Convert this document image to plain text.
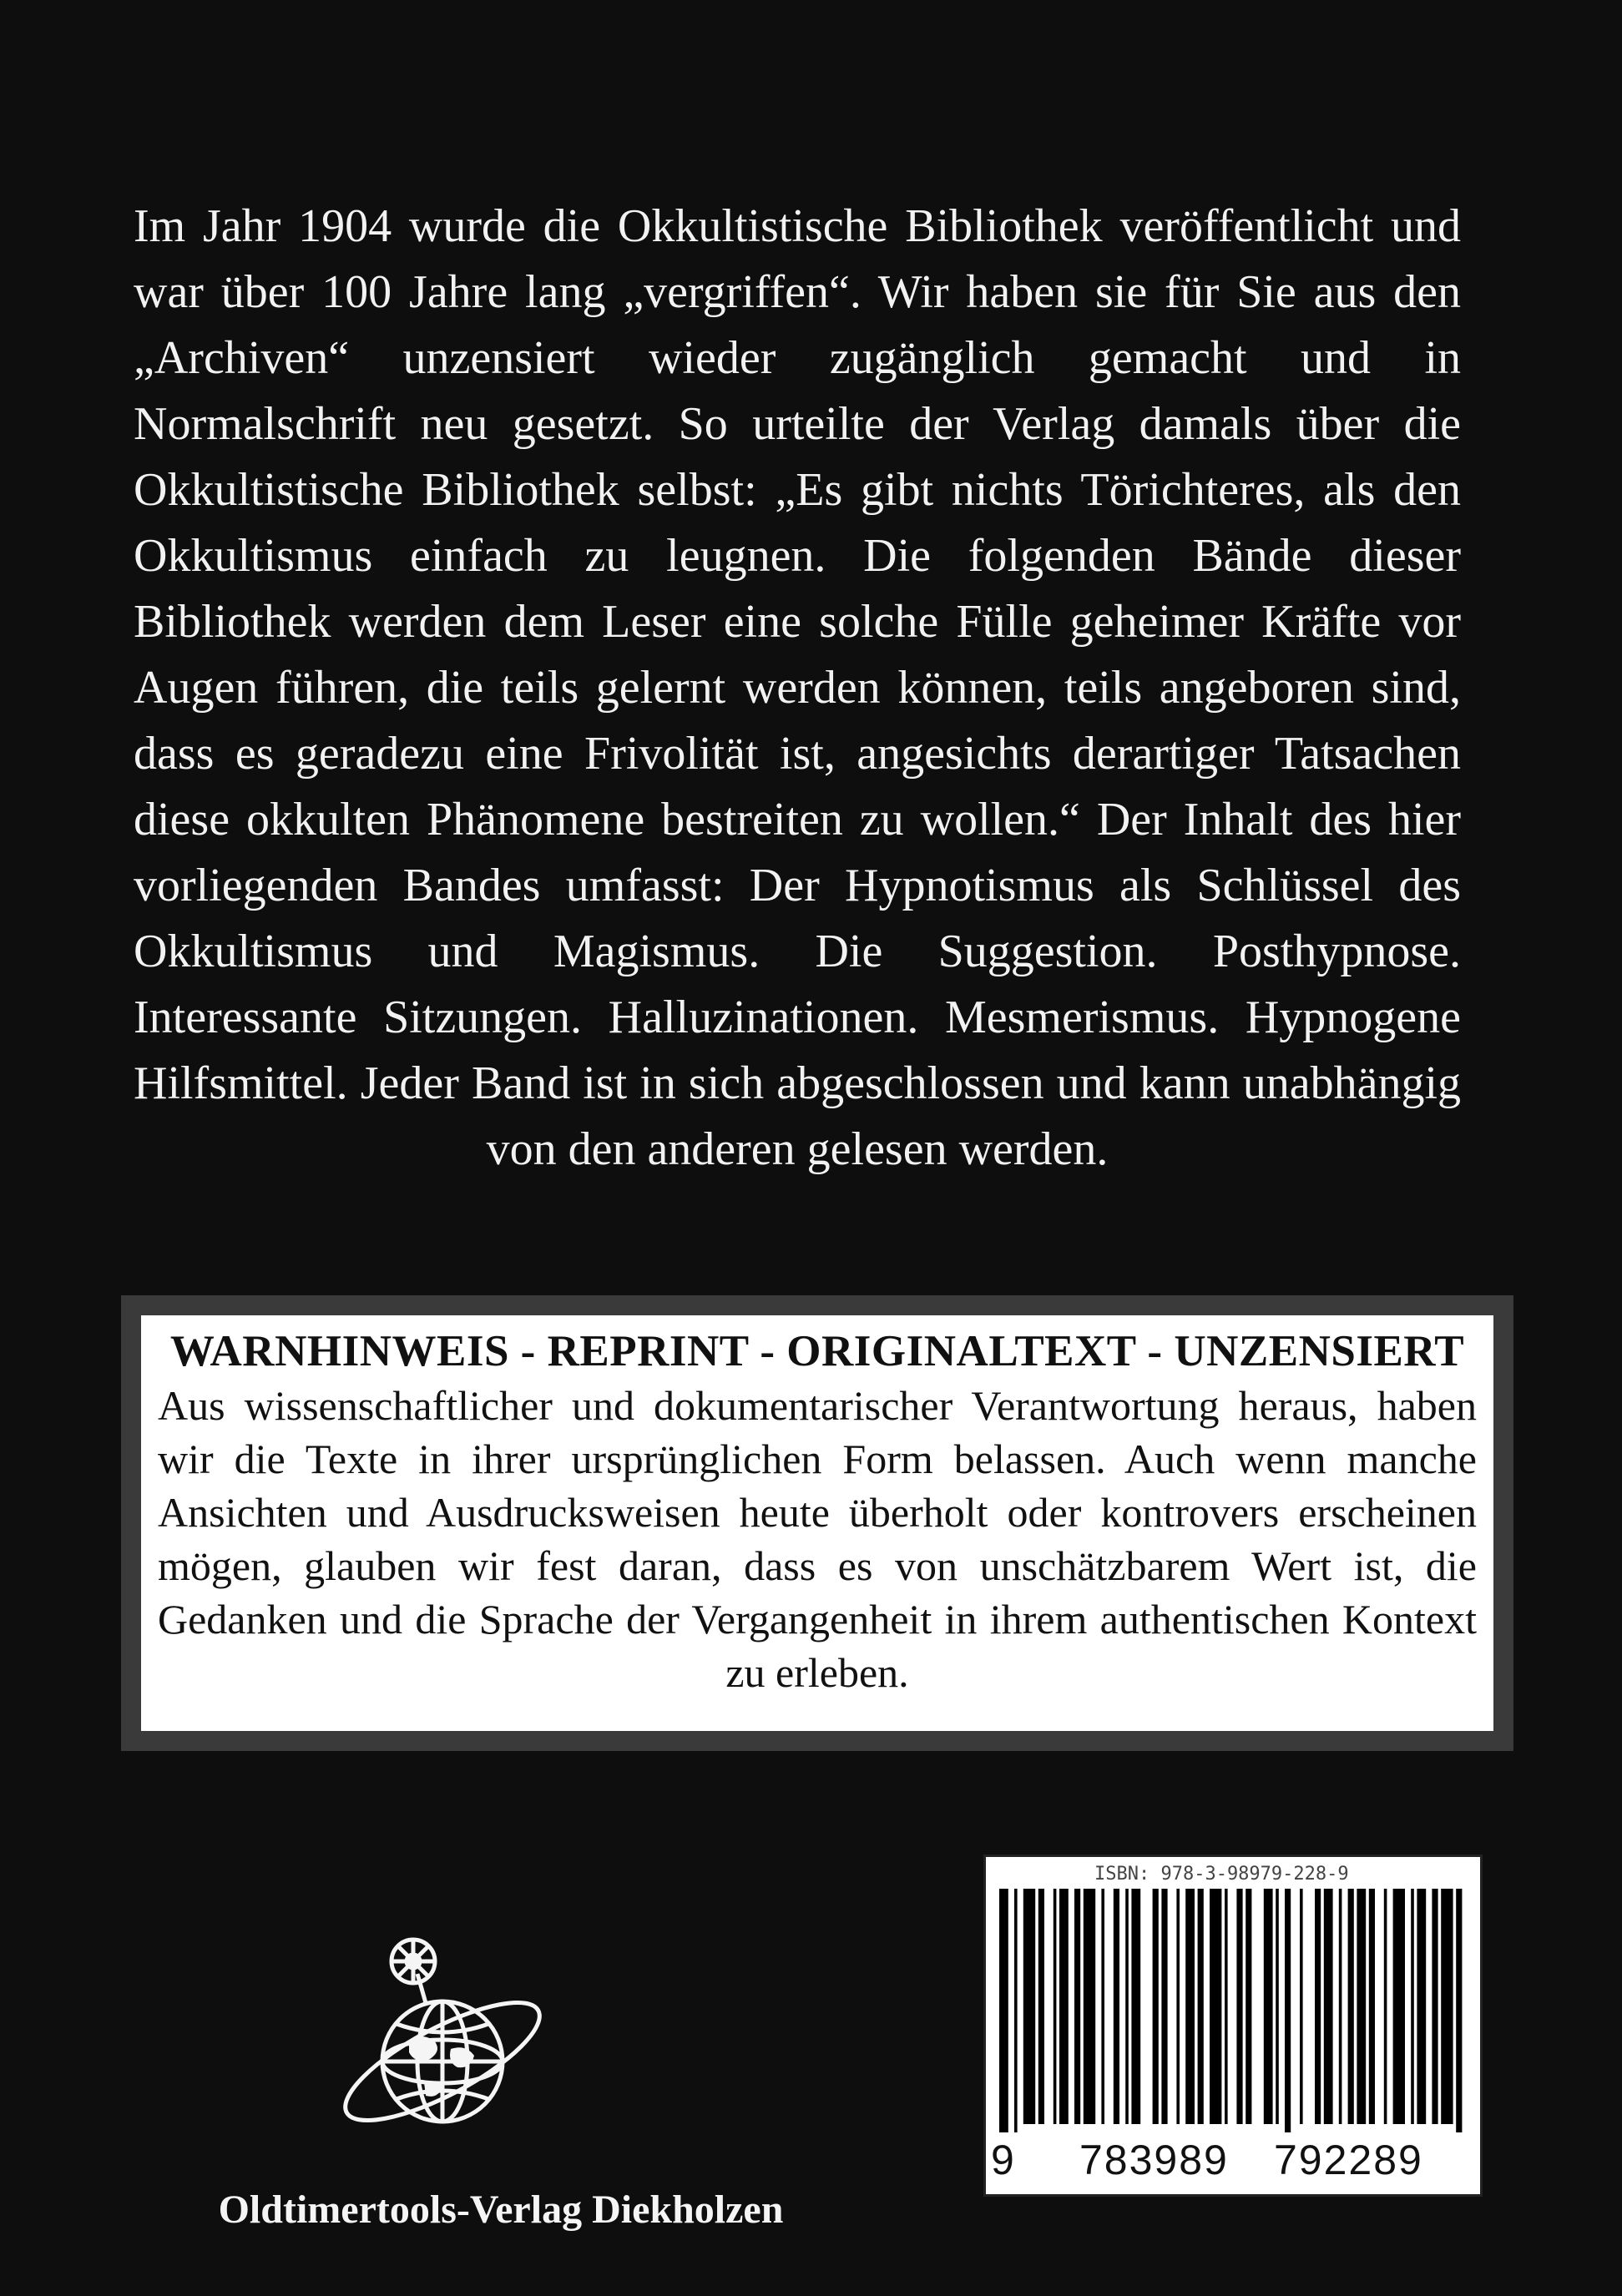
Im Jahr 1904 wurde die Okkultistische Bibliothek veröffentlicht und war über 100 Jahre lang „vergriffen“. Wir haben sie für Sie aus den „Archiven“ unzensiert wieder zugänglich gemacht und in Normalschrift neu gesetzt. So urteilte der Verlag damals über die Okkultistische Bibliothek selbst: „Es gibt nichts Törichteres, als den Okkultismus einfach zu leugnen. Die folgenden Bände dieser Bibliothek werden dem Leser eine solche Fülle geheimer Kräfte vor Augen führen, die teils gelernt werden können, teils angeboren sind, dass es geradezu eine Frivolität ist, angesichts derartiger Tatsachen diese okkulten Phänomene bestreiten zu wollen.“ Der Inhalt des hier vorliegenden Bandes umfasst: Der Hypnotismus als Schlüssel des Okkultismus und Magismus. Die Suggestion. Posthypnose. Interessante Sitzungen. Halluzinationen. Mesmerismus. Hypnogene Hilfsmittel. Jeder Band ist in sich abgeschlossen und kann unabhängig von den anderen gelesen werden.

WARNHINWEIS - REPRINT - ORIGINALTEXT - UNZENSIERT

Aus wissenschaftlicher und dokumentarischer Verantwortung heraus, haben wir die Texte in ihrer ursprünglichen Form belassen. Auch wenn manche Ansichten und Ausdrucksweisen heute überholt oder kontrovers erscheinen mögen, glauben wir fest daran, dass es von unschätzbarem Wert ist, die Gedanken und die Sprache der Vergangenheit in ihrem authentischen Kontext zu erleben.

Oldtimertools-Verlag Diekholzen

ISBN: 978-3-98979-228-9

9 783989 792289
